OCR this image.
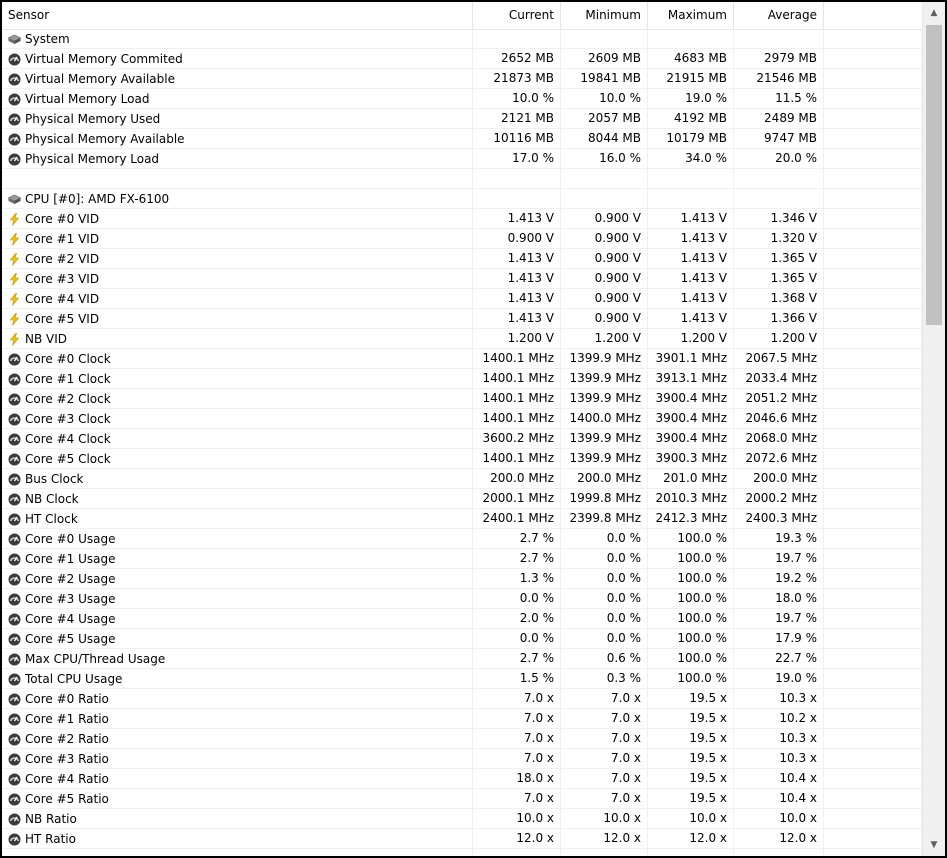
Sensor	Current	Minimum	Maximum	Average
System
Virtual Memory Commited	2652 MB	2609 MB	4683 MB	2979 MB
Virtual Memory Available	21873 MB	19841 MB	21915 MB	21546 MB
Virtual Memory Load	10.0 %	10.0 %	19.0 %	11.5 %
Physical Memory Used	2121 MB	2057 MB	4192 MB	2489 MB
Physical Memory Available	10116 MB	8044 MB	10179 MB	9747 MB
Physical Memory Load	17.0 %	16.0 %	34.0 %	20.0 %
CPU [#0]: AMD FX-6100
Core #0 VID	1.413 V	0.900 V	1.413 V	1.346 V
Core #1 VID	0.900 V	0.900 V	1.413 V	1.320 V
Core #2 VID	1.413 V	0.900 V	1.413 V	1.365 V
Core #3 VID	1.413 V	0.900 V	1.413 V	1.365 V
Core #4 VID	1.413 V	0.900 V	1.413 V	1.368 V
Core #5 VID	1.413 V	0.900 V	1.413 V	1.366 V
NB VID	1.200 V	1.200 V	1.200 V	1.200 V
Core #0 Clock	1400.1 MHz	1399.9 MHz	3901.1 MHz	2067.5 MHz
Core #1 Clock	1400.1 MHz	1399.9 MHz	3913.1 MHz	2033.4 MHz
Core #2 Clock	1400.1 MHz	1399.9 MHz	3900.4 MHz	2051.2 MHz
Core #3 Clock	1400.1 MHz	1400.0 MHz	3900.4 MHz	2046.6 MHz
Core #4 Clock	3600.2 MHz	1399.9 MHz	3900.4 MHz	2068.0 MHz
Core #5 Clock	1400.1 MHz	1399.9 MHz	3900.3 MHz	2072.6 MHz
Bus Clock	200.0 MHz	200.0 MHz	201.0 MHz	200.0 MHz
NB Clock	2000.1 MHz	1999.8 MHz	2010.3 MHz	2000.2 MHz
HT Clock	2400.1 MHz	2399.8 MHz	2412.3 MHz	2400.3 MHz
Core #0 Usage	2.7 %	0.0 %	100.0 %	19.3 %
Core #1 Usage	2.7 %	0.0 %	100.0 %	19.7 %
Core #2 Usage	1.3 %	0.0 %	100.0 %	19.2 %
Core #3 Usage	0.0 %	0.0 %	100.0 %	18.0 %
Core #4 Usage	2.0 %	0.0 %	100.0 %	19.7 %
Core #5 Usage	0.0 %	0.0 %	100.0 %	17.9 %
Max CPU/Thread Usage	2.7 %	0.6 %	100.0 %	22.7 %
Total CPU Usage	1.5 %	0.3 %	100.0 %	19.0 %
Core #0 Ratio	7.0 x	7.0 x	19.5 x	10.3 x
Core #1 Ratio	7.0 x	7.0 x	19.5 x	10.2 x
Core #2 Ratio	7.0 x	7.0 x	19.5 x	10.3 x
Core #3 Ratio	7.0 x	7.0 x	19.5 x	10.3 x
Core #4 Ratio	18.0 x	7.0 x	19.5 x	10.4 x
Core #5 Ratio	7.0 x	7.0 x	19.5 x	10.4 x
NB Ratio	10.0 x	10.0 x	10.0 x	10.0 x
HT Ratio	12.0 x	12.0 x	12.0 x	12.0 x
▲
▼
